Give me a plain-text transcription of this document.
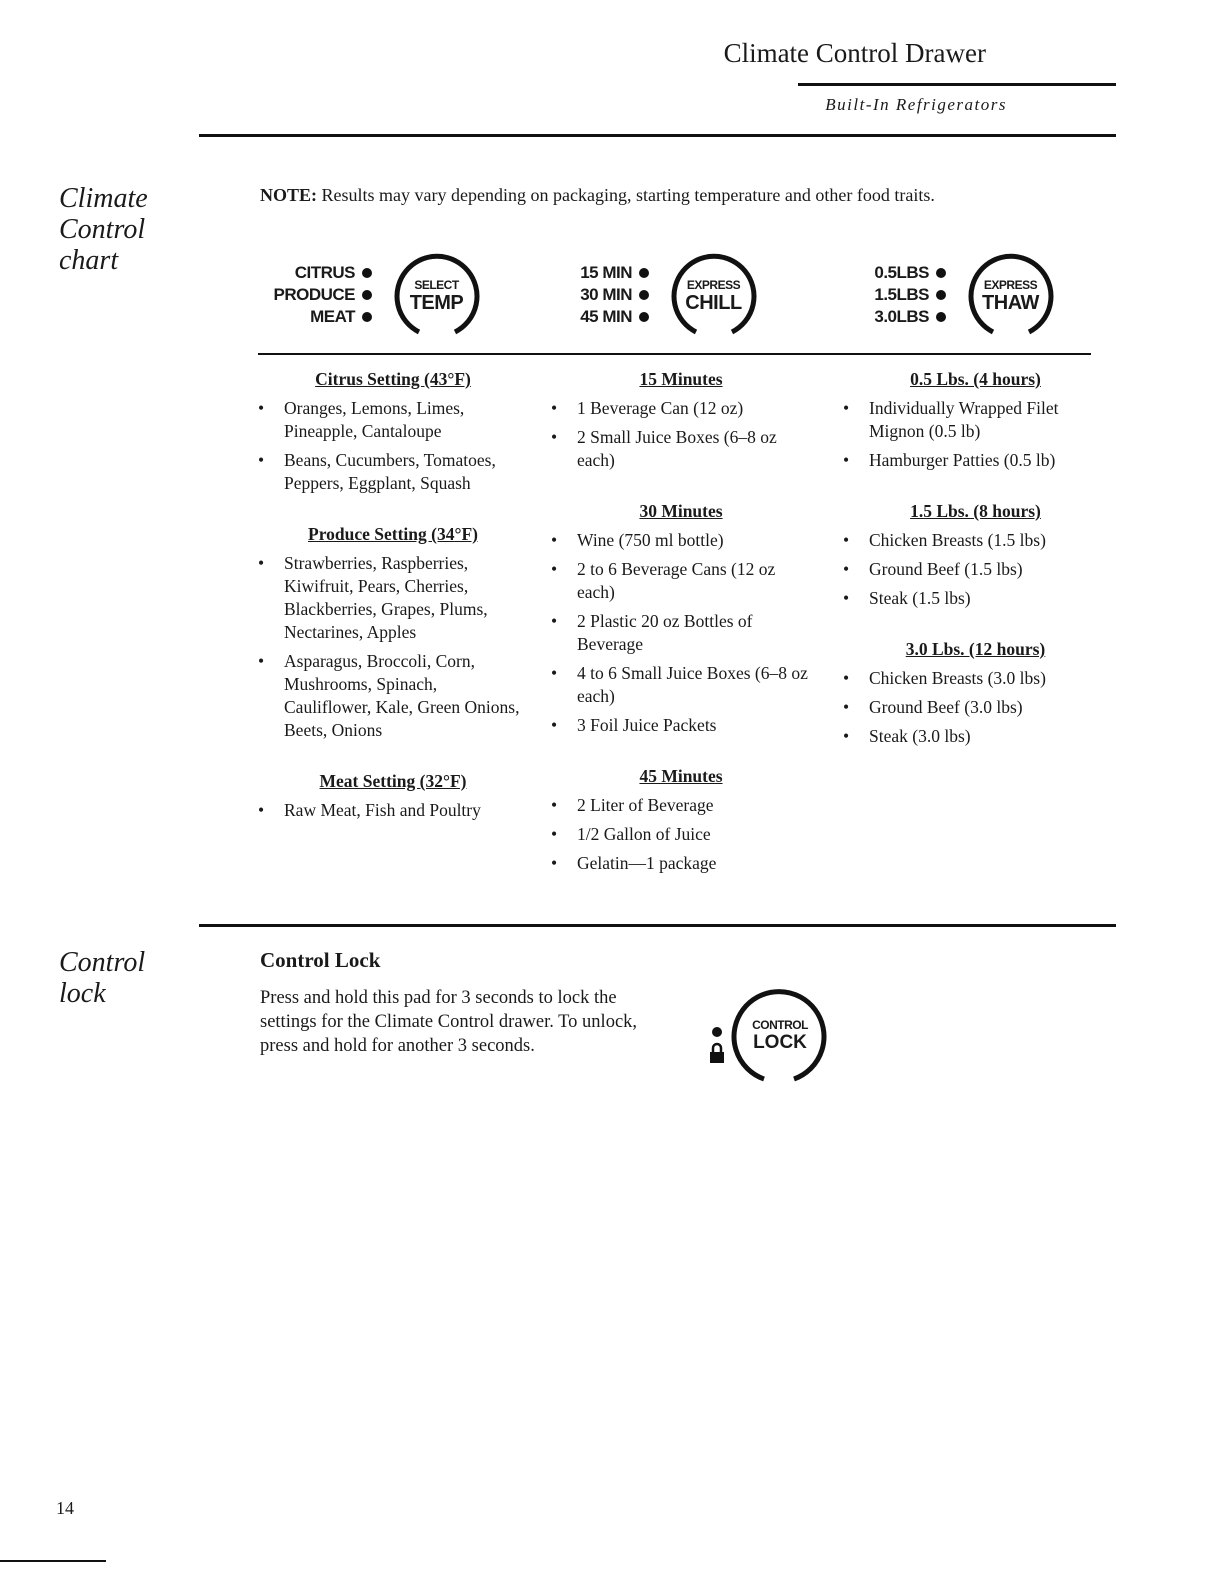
Climate Control Drawer
Built-In Refrigerators
Climate
Control
chart
NOTE: Results may vary depending on packaging, starting temperature and other food traits.
CITRUS
PRODUCE
MEAT
SELECT
TEMP
15 MIN
30 MIN
45 MIN
EXPRESS
CHILL
0.5LBS
1.5LBS
3.0LBS
EXPRESS
THAW
Citrus Setting (43°F)
• Oranges, Lemons, Limes, Pineapple, Cantaloupe
• Beans, Cucumbers, Tomatoes, Peppers, Eggplant, Squash
Produce Setting (34°F)
• Strawberries, Raspberries, Kiwifruit, Pears, Cherries, Blackberries, Grapes, Plums, Nectarines, Apples
• Asparagus, Broccoli, Corn, Mushrooms, Spinach, Cauliflower, Kale, Green Onions, Beets, Onions
Meat Setting (32°F)
• Raw Meat, Fish and Poultry
15 Minutes
• 1 Beverage Can (12 oz)
• 2 Small Juice Boxes (6–8 oz each)
30 Minutes
• Wine (750 ml bottle)
• 2 to 6 Beverage Cans (12 oz each)
• 2 Plastic 20 oz Bottles of Beverage
• 4 to 6 Small Juice Boxes (6–8 oz each)
• 3 Foil Juice Packets
45 Minutes
• 2 Liter of Beverage
• 1/2 Gallon of Juice
• Gelatin—1 package
0.5 Lbs. (4 hours)
• Individually Wrapped Filet Mignon (0.5 lb)
• Hamburger Patties (0.5 lb)
1.5 Lbs. (8 hours)
• Chicken Breasts (1.5 lbs)
• Ground Beef (1.5 lbs)
• Steak (1.5 lbs)
3.0 Lbs. (12 hours)
• Chicken Breasts (3.0 lbs)
• Ground Beef (3.0 lbs)
• Steak (3.0 lbs)
Control
lock
Control Lock
Press and hold this pad for 3 seconds to lock the settings for the Climate Control drawer. To unlock, press and hold for another 3 seconds.
CONTROL
LOCK
14
